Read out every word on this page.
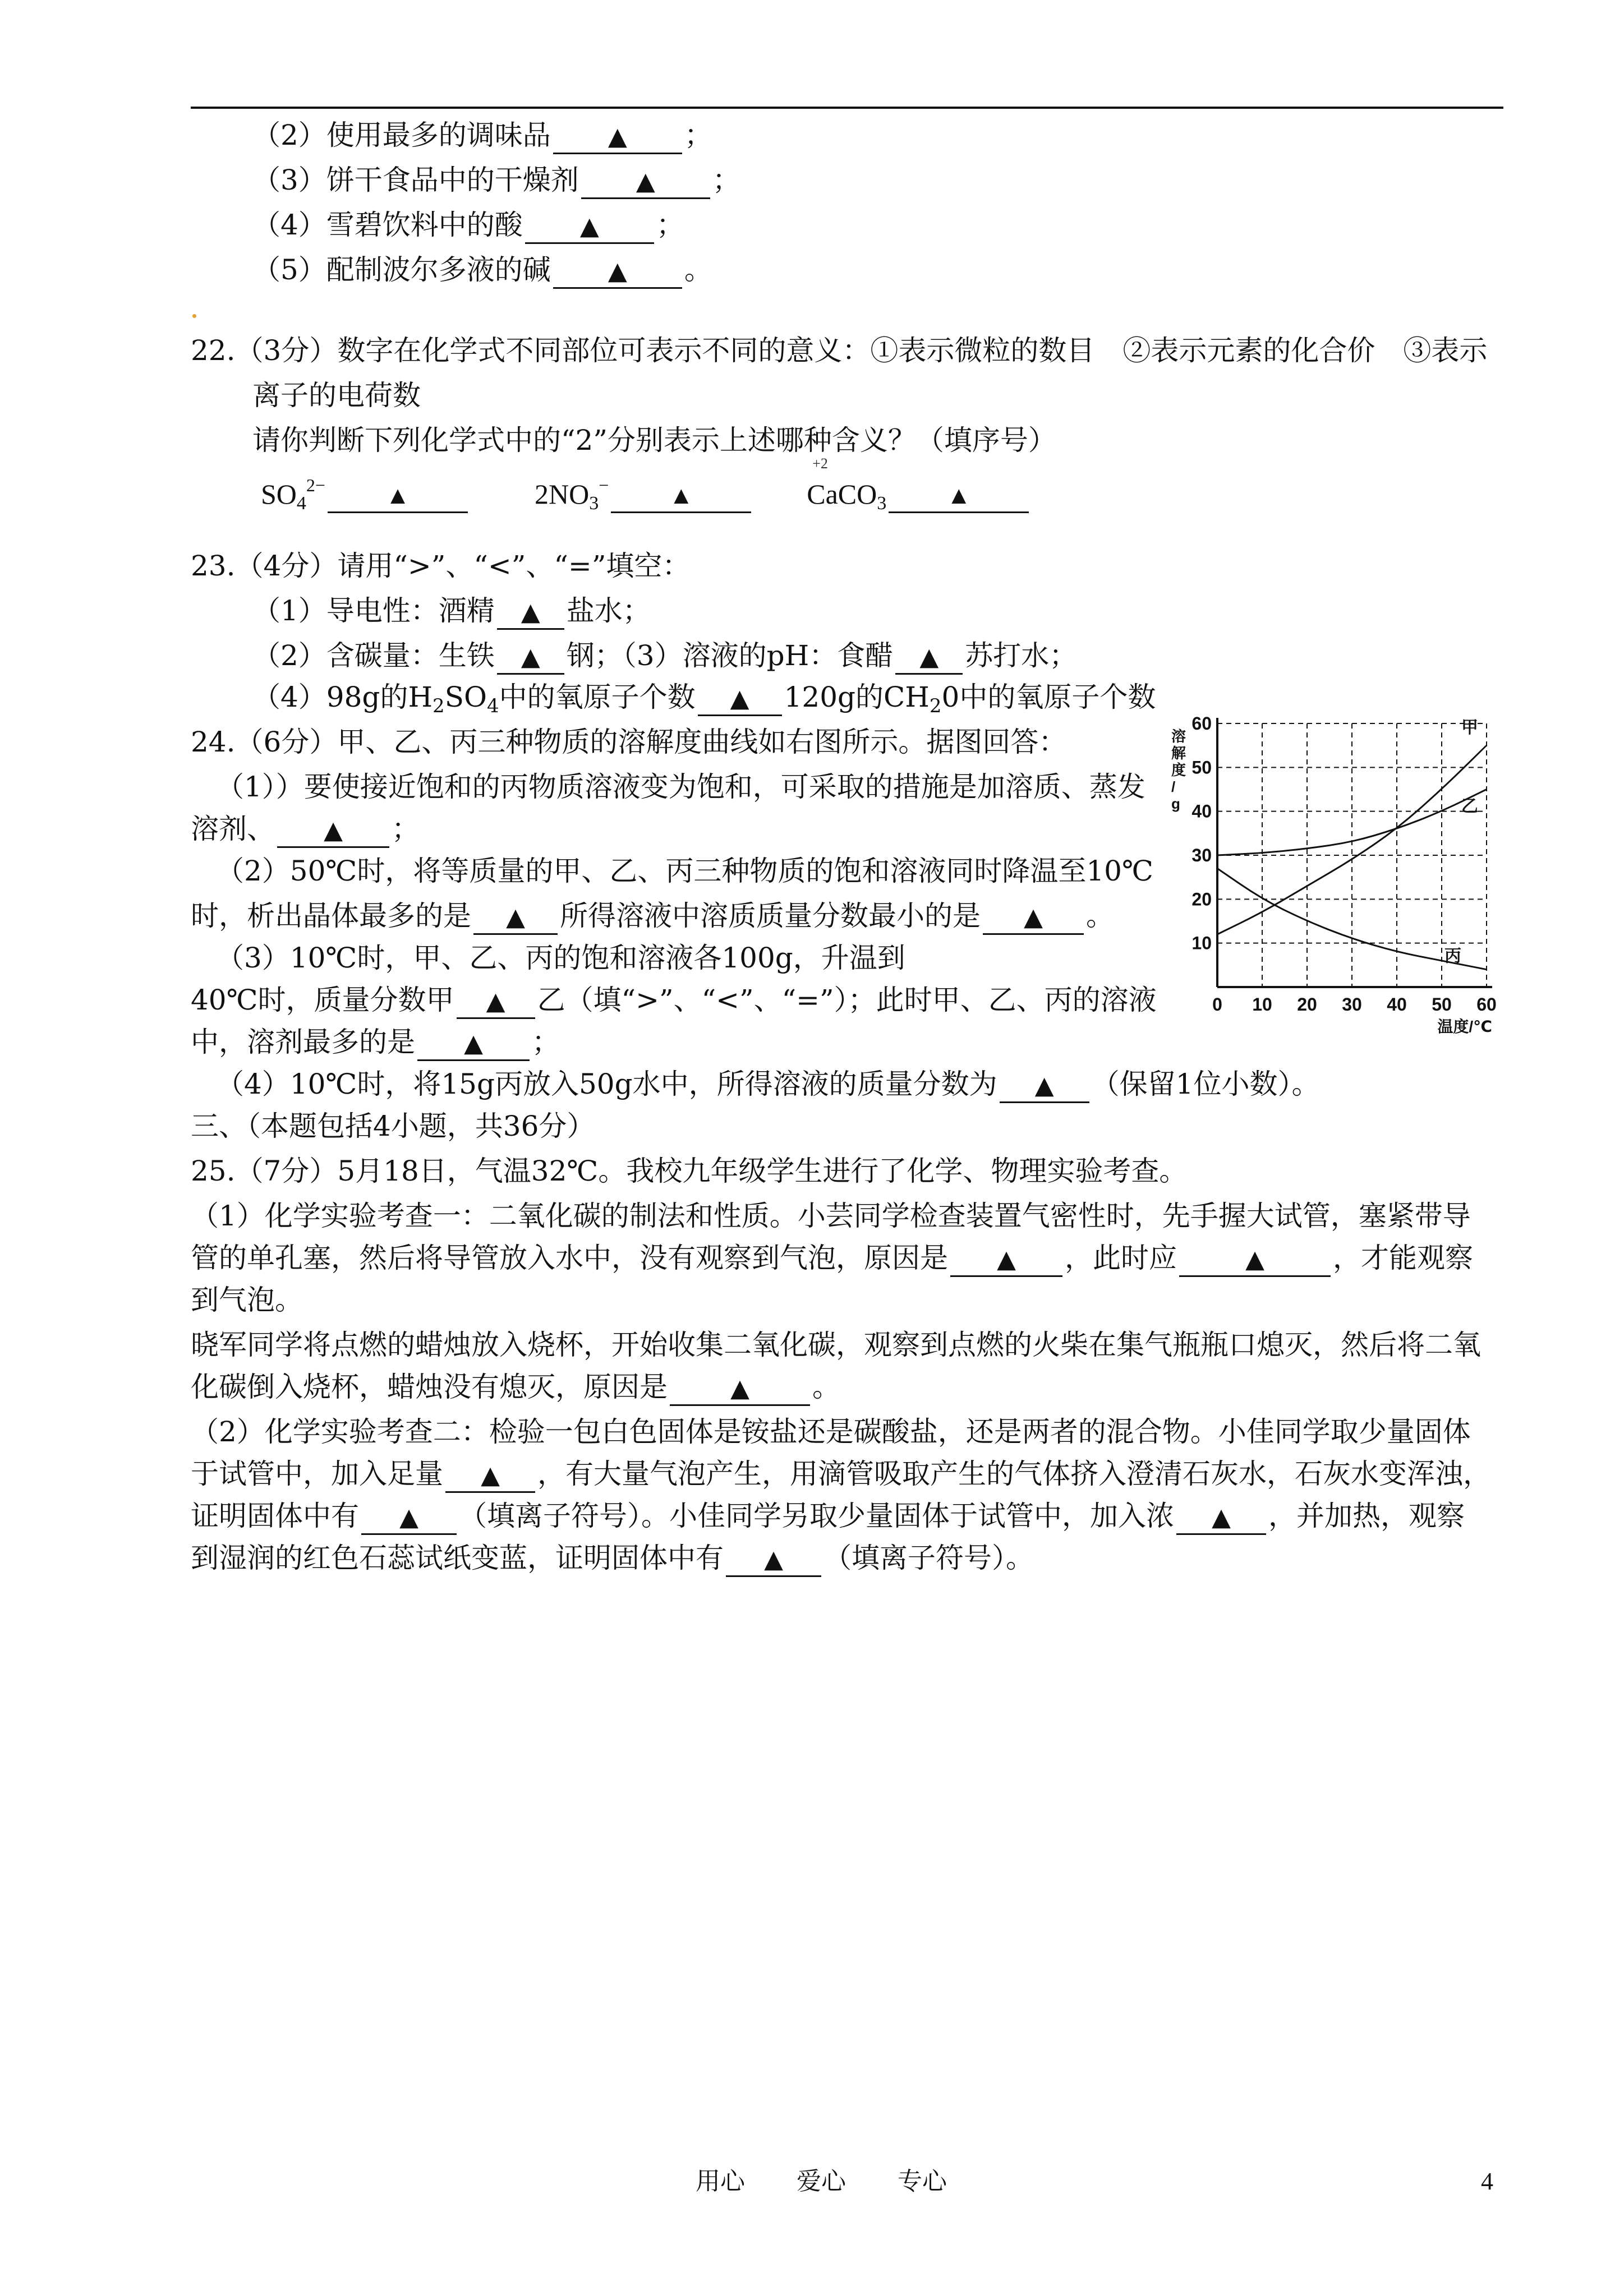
（2）使用最多的调味品 ▲ ；
（3）饼干食品中的干燥剂 ▲ ；
（4）雪碧饮料中的酸 ▲ ；
（5）配制波尔多液的碱 ▲ 。
22.（3分）数字在化学式不同部位可表示不同的意义：①表示微粒的数目　②表示元素的化合价　③表示
离子的电荷数
请你判断下列化学式中的“2”分别表示上述哪种含义？（填序号）
$SO_4^{2-}$ ▲	$2NO_3^-$ ▲
+2
CaCO$_3$ ▲
23.（4分）请用“>”、“<”、“=”填空：
（1）导电性：酒精 ▲ 盐水；
（2）含碳量：生铁 ▲ 钢；（3）溶液的pH：食醋 ▲ 苏打水；
（4）98g的$H_2SO_4$中的氧原子个数 ▲ 120g的$CH_20$中的氧原子个数
24.（6分）甲、乙、丙三种物质的溶解度曲线如右图所示。据图回答：
（1））要使接近饱和的丙物质溶液变为饱和，可采取的措施是加溶质、蒸发
溶剂、 ▲ ；
（2）50℃时，将等质量的甲、乙、丙三种物质的饱和溶液同时降温至10℃
时，析出晶体最多的是 ▲ 所得溶液中溶质质量分数最小的是 ▲ 。
（3）10℃时，甲、乙、丙的饱和溶液各100g，升温到
40℃时，质量分数甲 ▲ 乙（填“>”、“<”、“=”）；此时甲、乙、丙的溶液
中，溶剂最多的是 ▲ ；
（4）10℃时，将15g丙放入50g水中，所得溶液的质量分数为 ▲ （保留1位小数）。
0 10 20 30 40 50 60
10
20
30
40
50
60
溶
解
度
/
g
温度/℃
甲
乙
丙
三、（本题包括4小题，共36分）
25.（7分）5月18日，气温32℃。我校九年级学生进行了化学、物理实验考查。
（1）化学实验考查一：二氧化碳的制法和性质。小芸同学检查装置气密性时，先手握大试管，塞紧带导
管的单孔塞，然后将导管放入水中，没有观察到气泡，原因是 ▲ ，此时应	▲ ，才能观察
到气泡。
晓军同学将点燃的蜡烛放入烧杯，开始收集二氧化碳，观察到点燃的火柴在集气瓶瓶口熄灭，然后将二氧
化碳倒入烧杯，蜡烛没有熄灭，原因是	▲ 。
（2）化学实验考查二：检验一包白色固体是铵盐还是碳酸盐，还是两者的混合物。小佳同学取少量固体
于试管中，加入足量 ▲ ，有大量气泡产生，用滴管吸取产生的气体挤入澄清石灰水，石灰水变浑浊，
证明固体中有 ▲ （填离子符号）。小佳同学另取少量固体于试管中，加入浓 ▲ ，并加热，观察
到湿润的红色石蕊试纸变蓝，证明固体中有 ▲ （填离子符号）。
用心 爱心 专心	4
